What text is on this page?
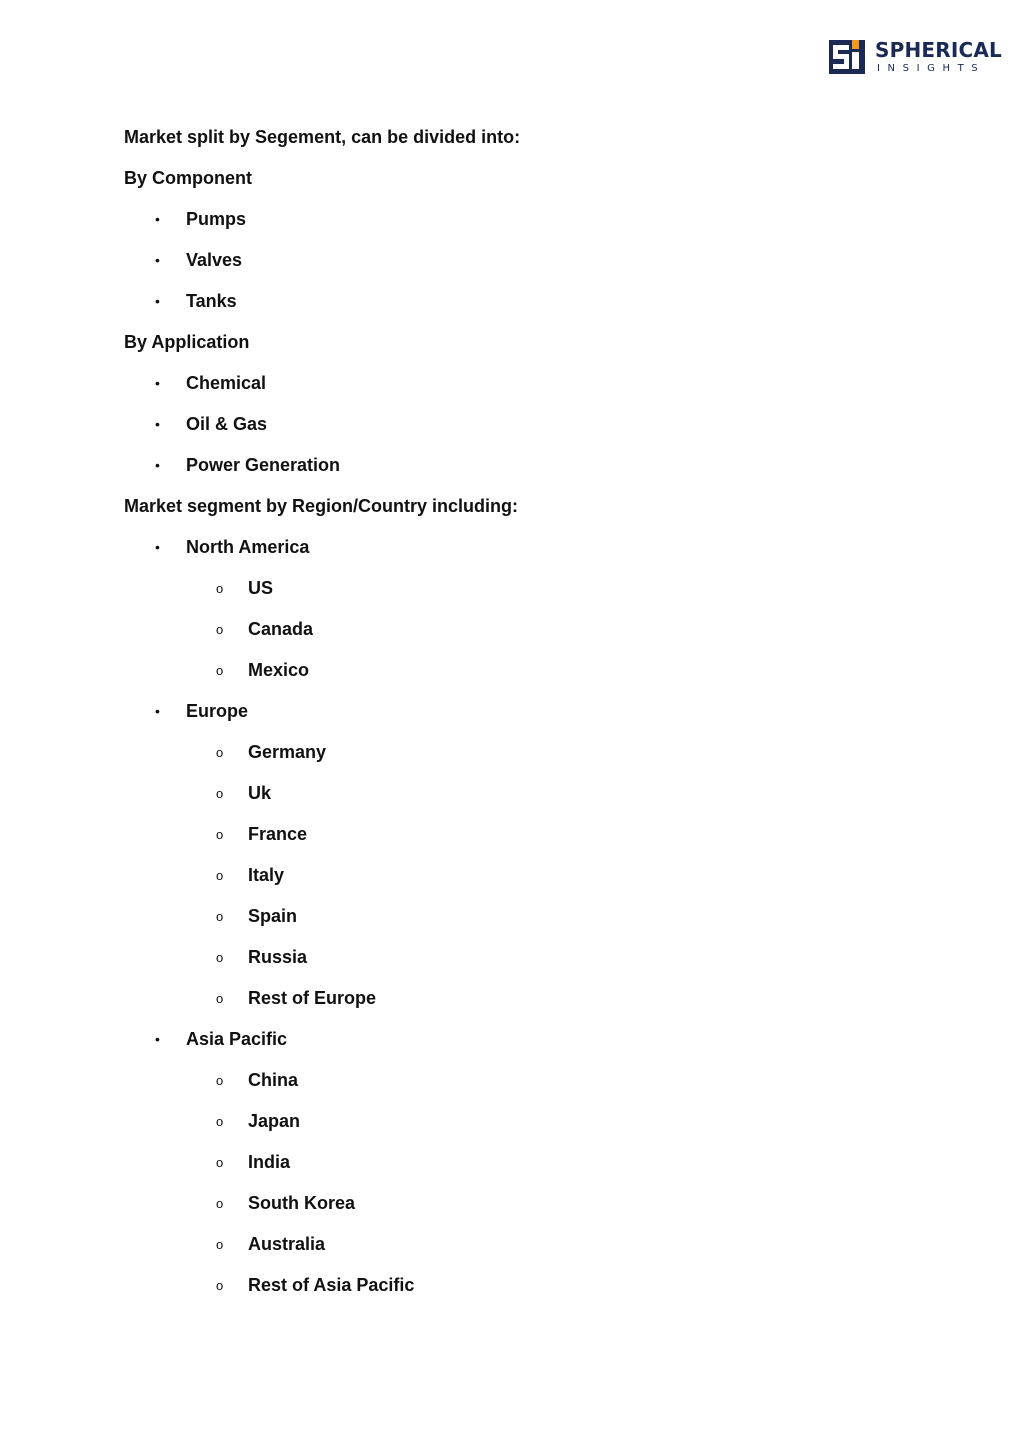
SPHERICAL
INSIGHTS
Market split by Segement, can be divided into:
By Component
• Pumps
• Valves
• Tanks
By Application
• Chemical
• Oil & Gas
• Power Generation
Market segment by Region/Country including:
• North America
o US
o Canada
o Mexico
• Europe
o Germany
o Uk
o France
o Italy
o Spain
o Russia
o Rest of Europe
• Asia Pacific
o China
o Japan
o India
o South Korea
o Australia
o Rest of Asia Pacific
